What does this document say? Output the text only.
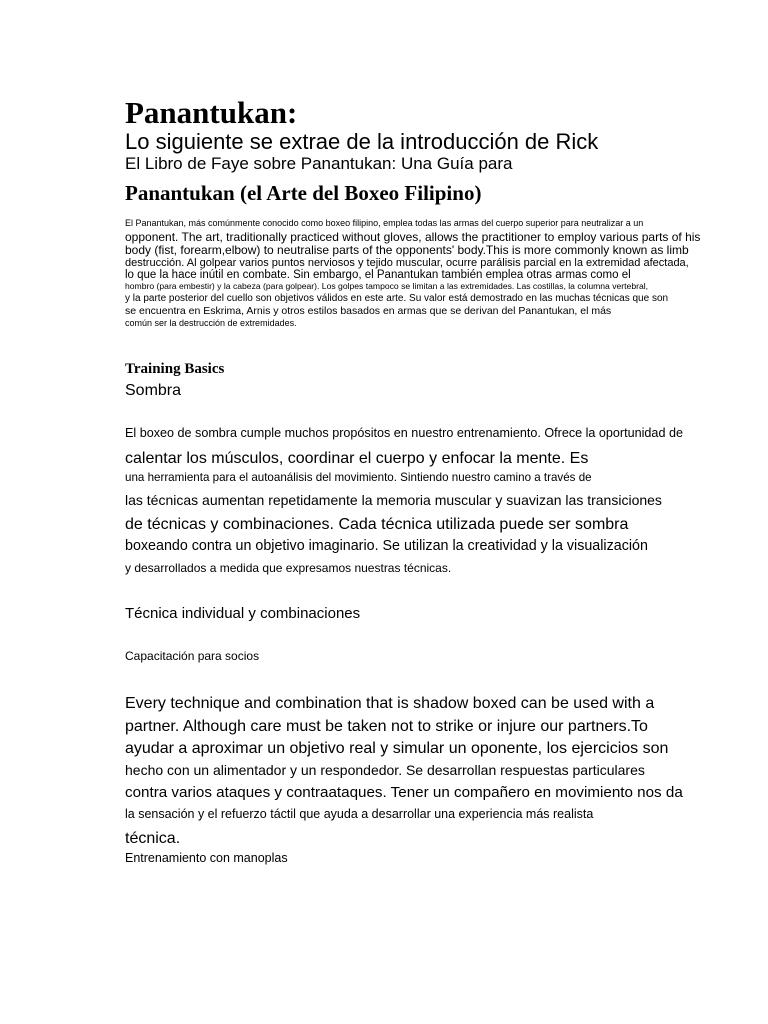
Panantukan:
Lo siguiente se extrae de la introducción de Rick
El Libro de Faye sobre Panantukan: Una Guía para
Panantukan (el Arte del Boxeo Filipino)
El Panantukan, más comúnmente conocido como boxeo filipino, emplea todas las armas del cuerpo superior para neutralizar a un
opponent. The art, traditionally practiced without gloves, allows the practitioner to employ various parts of his
body (fist, forearm,elbow) to neutralise parts of the opponents' body.This is more commonly known as limb
destrucción. Al golpear varios puntos nerviosos y tejido muscular, ocurre parálisis parcial en la extremidad afectada,
lo que la hace inútil en combate. Sin embargo, el Panantukan también emplea otras armas como el
hombro (para embestir) y la cabeza (para golpear). Los golpes tampoco se limitan a las extremidades. Las costillas, la columna vertebral,
y la parte posterior del cuello son objetivos válidos en este arte. Su valor está demostrado en las muchas técnicas que son
se encuentra en Eskrima, Arnis y otros estilos basados en armas que se derivan del Panantukan, el más
común ser la destrucción de extremidades.
Training Basics
Sombra
El boxeo de sombra cumple muchos propósitos en nuestro entrenamiento. Ofrece la oportunidad de
calentar los músculos, coordinar el cuerpo y enfocar la mente. Es
una herramienta para el autoanálisis del movimiento. Sintiendo nuestro camino a través de
las técnicas aumentan repetidamente la memoria muscular y suavizan las transiciones
de técnicas y combinaciones. Cada técnica utilizada puede ser sombra
boxeando contra un objetivo imaginario. Se utilizan la creatividad y la visualización
y desarrollados a medida que expresamos nuestras técnicas.
Técnica individual y combinaciones
Capacitación para socios
Every technique and combination that is shadow boxed can be used with a
partner. Although care must be taken not to strike or injure our partners.To
ayudar a aproximar un objetivo real y simular un oponente, los ejercicios son
hecho con un alimentador y un respondedor. Se desarrollan respuestas particulares
contra varios ataques y contraataques. Tener un compañero en movimiento nos da
la sensación y el refuerzo táctil que ayuda a desarrollar una experiencia más realista
técnica.
Entrenamiento con manoplas
